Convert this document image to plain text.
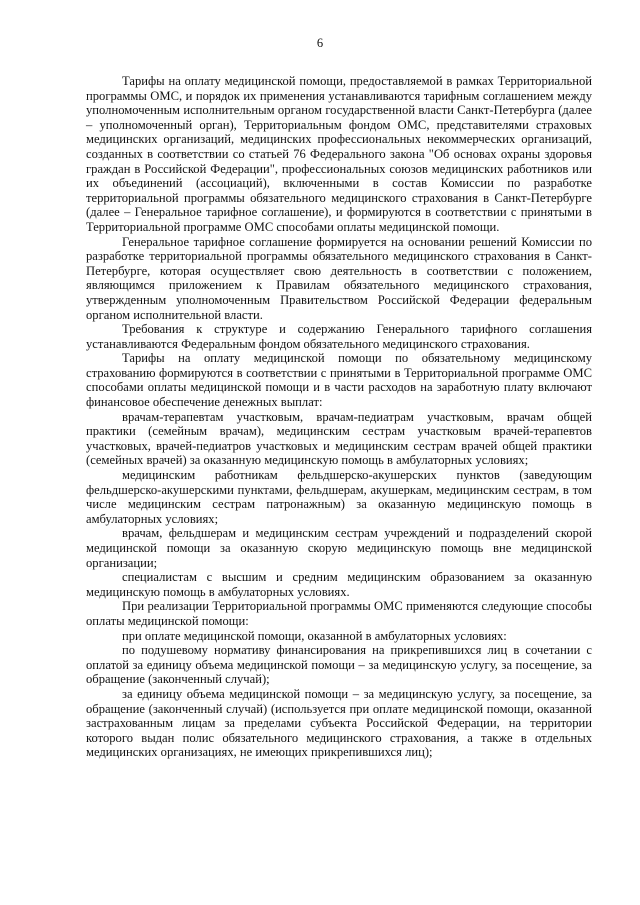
6

Тарифы на оплату медицинской помощи, предоставляемой в рамках Территориальной программы ОМС, и порядок их применения устанавливаются тарифным соглашением между уполномоченным исполнительным органом государственной власти Санкт-Петербурга (далее – уполномоченный орган), Территориальным фондом ОМС, представителями страховых медицинских организаций, медицинских профессиональных некоммерческих организаций, созданных в соответствии со статьей 76 Федерального закона "Об основах охраны здоровья граждан в Российской Федерации", профессиональных союзов медицинских работников или их объединений (ассоциаций), включенными в состав Комиссии по разработке территориальной программы обязательного медицинского страхования в Санкт-Петербурге (далее – Генеральное тарифное соглашение), и формируются в соответствии с принятыми в Территориальной программе ОМС способами оплаты медицинской помощи.

Генеральное тарифное соглашение формируется на основании решений Комиссии по разработке территориальной программы обязательного медицинского страхования в Санкт-Петербурге, которая осуществляет свою деятельность в соответствии с положением, являющимся приложением к Правилам обязательного медицинского страхования, утвержденным уполномоченным Правительством Российской Федерации федеральным органом исполнительной власти.

Требования к структуре и содержанию Генерального тарифного соглашения устанавливаются Федеральным фондом обязательного медицинского страхования.

Тарифы на оплату медицинской помощи по обязательному медицинскому страхованию формируются в соответствии с принятыми в Территориальной программе ОМС способами оплаты медицинской помощи и в части расходов на заработную плату включают финансовое обеспечение денежных выплат:

врачам-терапевтам участковым, врачам-педиатрам участковым, врачам общей практики (семейным врачам), медицинским сестрам участковым врачей-терапевтов участковых, врачей-педиатров участковых и медицинским сестрам врачей общей практики (семейных врачей) за оказанную медицинскую помощь в амбулаторных условиях;

медицинским работникам фельдшерско-акушерских пунктов (заведующим фельдшерско-акушерскими пунктами, фельдшерам, акушеркам, медицинским сестрам, в том числе медицинским сестрам патронажным) за оказанную медицинскую помощь в амбулаторных условиях;

врачам, фельдшерам и медицинским сестрам учреждений и подразделений скорой медицинской помощи за оказанную скорую медицинскую помощь вне медицинской организации;

специалистам с высшим и средним медицинским образованием за оказанную медицинскую помощь в амбулаторных условиях.

При реализации Территориальной программы ОМС применяются следующие способы оплаты медицинской помощи:

при оплате медицинской помощи, оказанной в амбулаторных условиях:

по подушевому нормативу финансирования на прикрепившихся лиц в сочетании с оплатой за единицу объема медицинской помощи – за медицинскую услугу, за посещение, за обращение (законченный случай);

за единицу объема медицинской помощи – за медицинскую услугу, за посещение, за обращение (законченный случай) (используется при оплате медицинской помощи, оказанной застрахованным лицам за пределами субъекта Российской Федерации, на территории которого выдан полис обязательного медицинского страхования, а также в отдельных медицинских организациях, не имеющих прикрепившихся лиц);
